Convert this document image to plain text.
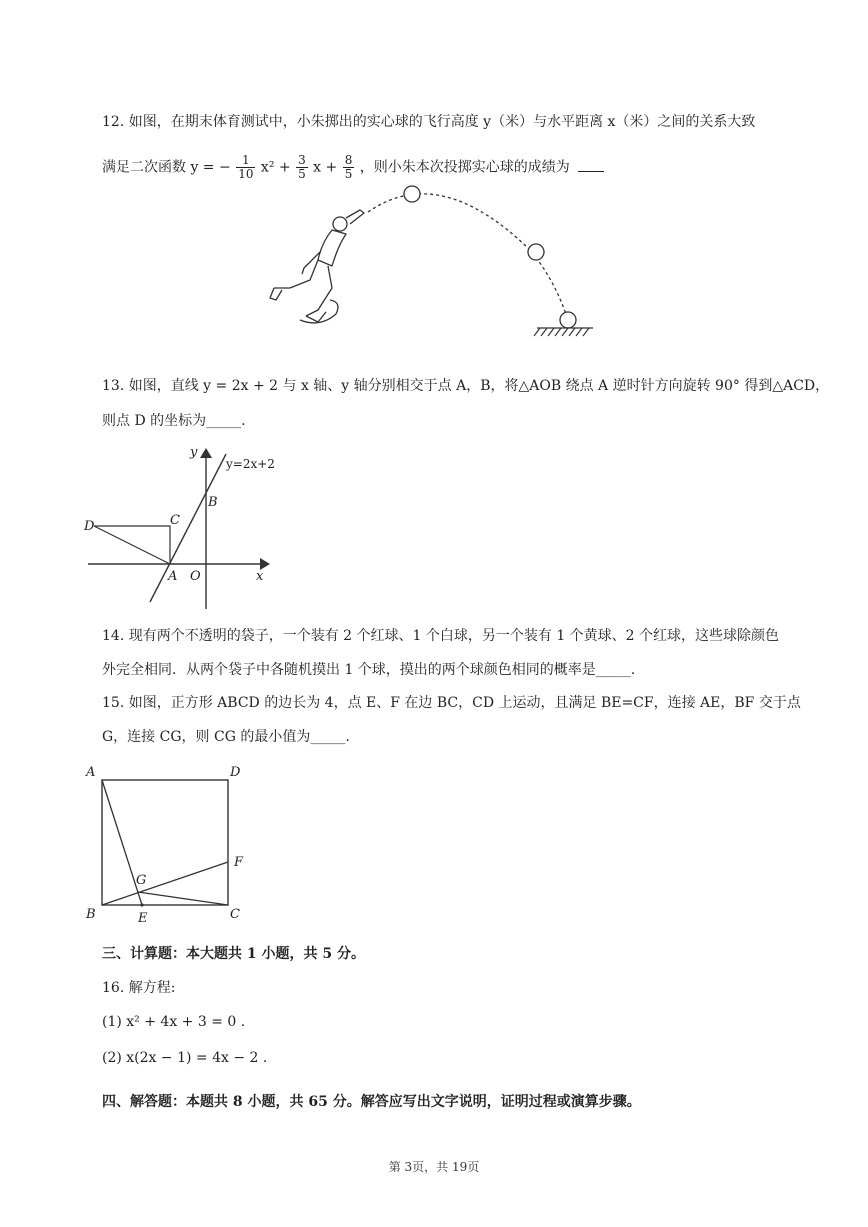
12. 如图，在期末体育测试中，小朱掷出的实心球的飞行高度 y（米）与水平距离 x（米）之间的关系大致
满足二次函数 y = − $\frac{1}{10} x^2 + \frac{3}{5}$ $x + \frac{8}{5}$ ，则小朱本次投掷实心球的成绩为
13. 如图，直线 y = 2x + 2 与 x 轴、y 轴分别相交于点 A，B，将△AOB 绕点 A 逆时针方向旋转 90° 得到△ACD，
则点 D 的坐标为_____.
y
y=2x+2
B
C
D
A O	x
14. 现有两个不透明的袋子，一个装有 2 个红球、1 个白球，另一个装有 1 个黄球、2 个红球，这些球除颜色
外完全相同．从两个袋子中各随机摸出 1 个球，摸出的两个球颜色相同的概率是_____.
15. 如图，正方形 ABCD 的边长为 4，点 E、F 在边 BC，CD 上运动，且满足 BE=CF，连接 AE，BF 交于点
G，连接 CG，则 CG 的最小值为_____.
A	D
F
G
B	E	C
三、计算题：本大题共 1 小题，共 5 分。
16. 解方程:
(1) x² + 4x + 3 = 0 .
(2) x(2x − 1) = 4x − 2 .
四、解答题：本题共 8 小题，共 65 分。解答应写出文字说明，证明过程或演算步骤。
第 3页，共 19页
